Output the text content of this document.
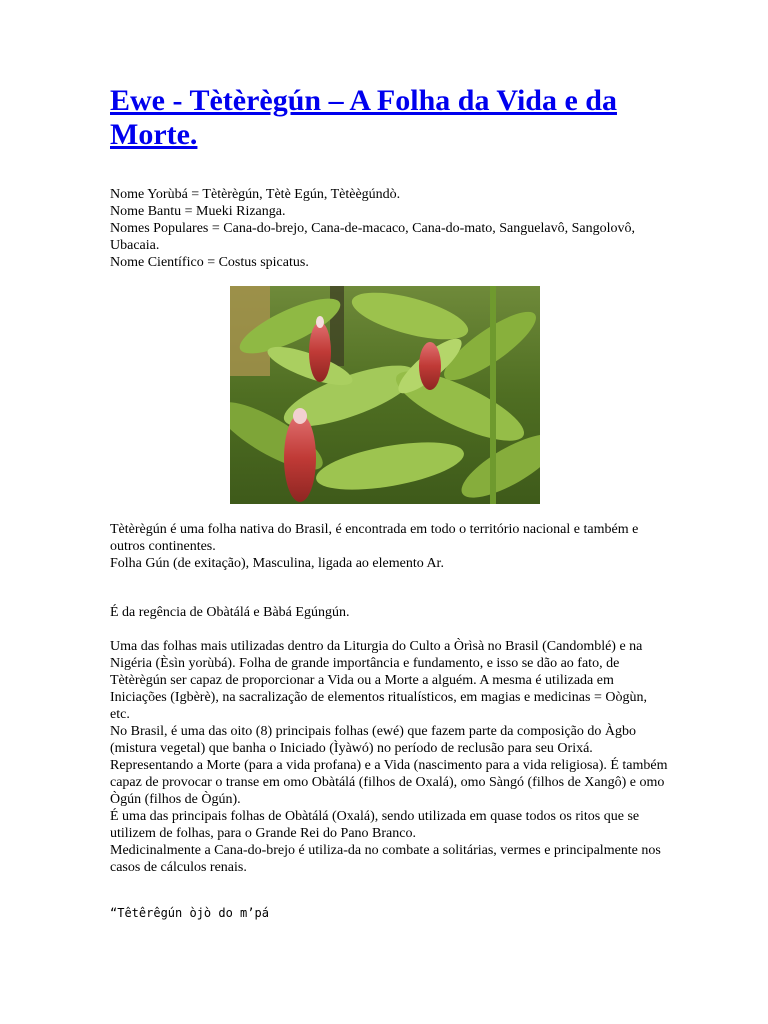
Ewe - Tètèrègún – A Folha da Vida e da Morte.

Nome Yorùbá = Tètèrègún, Tètè Egún, Tètèègúndò.

Nome Bantu = Mueki Rizanga.

Nomes Populares = Cana-do-brejo, Cana-de-macaco, Cana-do-mato, Sanguelavô, Sangolovô, Ubacaia.

Nome Científico = Costus spicatus.

Tètèrègún é uma folha nativa do Brasil, é encontrada em todo o território nacional e também e outros continentes.

Folha Gún (de exitação), Masculina, ligada ao elemento Ar.

É da regência de Obàtálá e Bàbá Egúngún.

Uma das folhas mais utilizadas dentro da Liturgia do Culto a Òrìsà no Brasil (Candomblé) e na Nigéria (Èsìn yorùbá). Folha de grande importância e fundamento, e isso se dão ao fato, de Tètèrègún ser capaz de proporcionar a Vida ou a Morte a alguém. A mesma é utilizada em Iniciações (Igbèrè), na sacralização de elementos ritualísticos, em magias e medicinas = Oògùn, etc.

No Brasil, é uma das oito (8) principais folhas (ewé) que fazem parte da composição do Àgbo (mistura vegetal) que banha o Iniciado (Ìyàwó) no período de reclusão para seu Orixá. Representando a Morte (para a vida profana) e a Vida (nascimento para a vida religiosa). É também capaz de provocar o transe em omo Obàtálá (filhos de Oxalá), omo Sàngó (filhos de Xangô) e omo Ògún (filhos de Ògún).

É uma das principais folhas de Obàtálá (Oxalá), sendo utilizada em quase todos os ritos que se utilizem de folhas, para o Grande Rei do Pano Branco.

Medicinalmente a Cana-do-brejo é utiliza-da no combate a solitárias, vermes e principalmente nos casos de cálculos renais.

“Têtêrêgún òjò do m’pá
